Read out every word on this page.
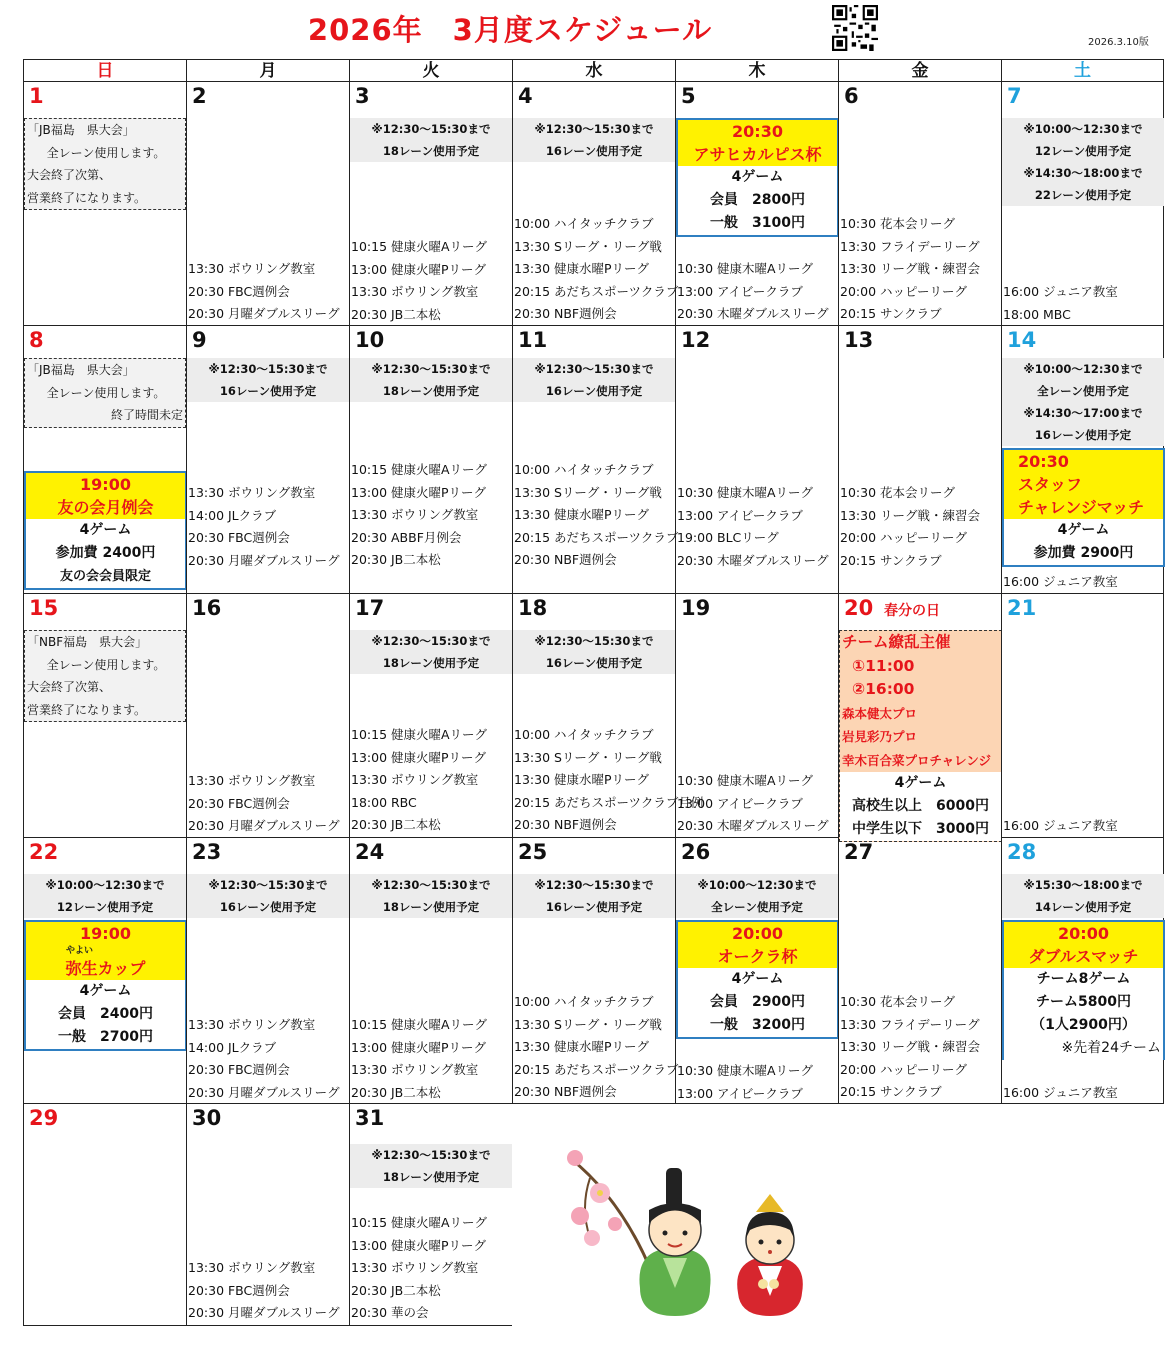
2026年　3月度スケジュール	2026.3.10版
日	月	火	水	木	金	土
1
「JB福島　県大会」
全レーン使用します。
大会終了次第、
営業終了になります。
2
13:30 ボウリング教室
20:30 FBC週例会
20:30 月曜ダブルスリーグ
3
※12:30～15:30まで
18レーン使用予定
10:15 健康火曜Aリーグ
13:00 健康火曜Pリーグ
13:30 ボウリング教室
20:30 JB二本松
4
※12:30～15:30まで
16レーン使用予定
10:00 ハイタッチクラブ
13:30 Sリーグ・リーグ戦
13:30 健康水曜Pリーグ
20:15 あだちスポーツクラブ
20:30 NBF週例会
5
20:30
アサヒカルピス杯
4ゲーム
会員　2800円
一般　3100円
10:30 健康木曜Aリーグ
13:00 アイビークラブ
20:30 木曜ダブルスリーグ
6
10:30 花本会リーグ
13:30 フライデーリーグ
13:30 リーグ戦・練習会
20:00 ハッピーリーグ
20:15 サンクラブ
7
※10:00～12:30まで
12レーン使用予定
※14:30～18:00まで
22レーン使用予定
16:00 ジュニア教室
18:00 MBC
8
「JB福島　県大会」
全レーン使用します。
終了時間未定
19:00
友の会月例会
4ゲーム
参加費 2400円
友の会会員限定
9
※12:30～15:30まで
16レーン使用予定
13:30 ボウリング教室
14:00 JLクラブ
20:30 FBC週例会
20:30 月曜ダブルスリーグ
10
※12:30～15:30まで
18レーン使用予定
10:15 健康火曜Aリーグ
13:00 健康火曜Pリーグ
13:30 ボウリング教室
20:30 ABBF月例会
20:30 JB二本松
11
※12:30～15:30まで
16レーン使用予定
10:00 ハイタッチクラブ
13:30 Sリーグ・リーグ戦
13:30 健康水曜Pリーグ
20:15 あだちスポーツクラブ
20:30 NBF週例会
12
10:30 健康木曜Aリーグ
13:00 アイビークラブ
19:00 BLCリーグ
20:30 木曜ダブルスリーグ
13
10:30 花本会リーグ
13:30 リーグ戦・練習会
20:00 ハッピーリーグ
20:15 サンクラブ
14
※10:00～12:30まで
全レーン使用予定
※14:30～17:00まで
16レーン使用予定
20:30
スタッフ
チャレンジマッチ
4ゲーム
参加費 2900円
16:00 ジュニア教室
15
「NBF福島　県大会」
全レーン使用します。
大会終了次第、
営業終了になります。
16
13:30 ボウリング教室
20:30 FBC週例会
20:30 月曜ダブルスリーグ
17
※12:30～15:30まで
18レーン使用予定
10:15 健康火曜Aリーグ
13:00 健康火曜Pリーグ
13:30 ボウリング教室
18:00 RBC
20:30 JB二本松
18
※12:30～15:30まで
16レーン使用予定
10:00 ハイタッチクラブ
13:30 Sリーグ・リーグ戦
13:30 健康水曜Pリーグ
20:15 あだちスポーツクラブ月例
20:30 NBF週例会
19
10:30 健康木曜Aリーグ
13:00 アイビークラブ
20:30 木曜ダブルスリーグ
20 春分の日
チーム繚乱主催
①11:00
②16:00
森本健太プロ
岩見彩乃プロ
幸木百合菜プロチャレンジ
4ゲーム
高校生以上　6000円
中学生以下　3000円
21
16:00 ジュニア教室
22
※10:00～12:30まで
12レーン使用予定
19:00
やよい
弥生カップ
4ゲーム
会員　2400円
一般　2700円
23
※12:30～15:30まで
16レーン使用予定
13:30 ボウリング教室
14:00 JLクラブ
20:30 FBC週例会
20:30 月曜ダブルスリーグ
24
※12:30～15:30まで
18レーン使用予定
10:15 健康火曜Aリーグ
13:00 健康火曜Pリーグ
13:30 ボウリング教室
20:30 JB二本松
25
※12:30～15:30まで
16レーン使用予定
10:00 ハイタッチクラブ
13:30 Sリーグ・リーグ戦
13:30 健康水曜Pリーグ
20:15 あだちスポーツクラブ
20:30 NBF週例会
26
※10:00～12:30まで
全レーン使用予定
20:00
オークラ杯
4ゲーム
会員　2900円
一般　3200円
10:30 健康木曜Aリーグ
13:00 アイビークラブ
27
10:30 花本会リーグ
13:30 フライデーリーグ
13:30 リーグ戦・練習会
20:00 ハッピーリーグ
20:15 サンクラブ
28
※15:30～18:00まで
14レーン使用予定
20:00
ダブルスマッチ
チーム8ゲーム
チーム5800円
（1人2900円）
※先着24チーム
16:00 ジュニア教室
29	30
13:30 ボウリング教室
20:30 FBC週例会
20:30 月曜ダブルスリーグ
31
※12:30～15:30まで
18レーン使用予定
10:15 健康火曜Aリーグ
13:00 健康火曜Pリーグ
13:30 ボウリング教室
20:30 JB二本松
20:30 華の会
